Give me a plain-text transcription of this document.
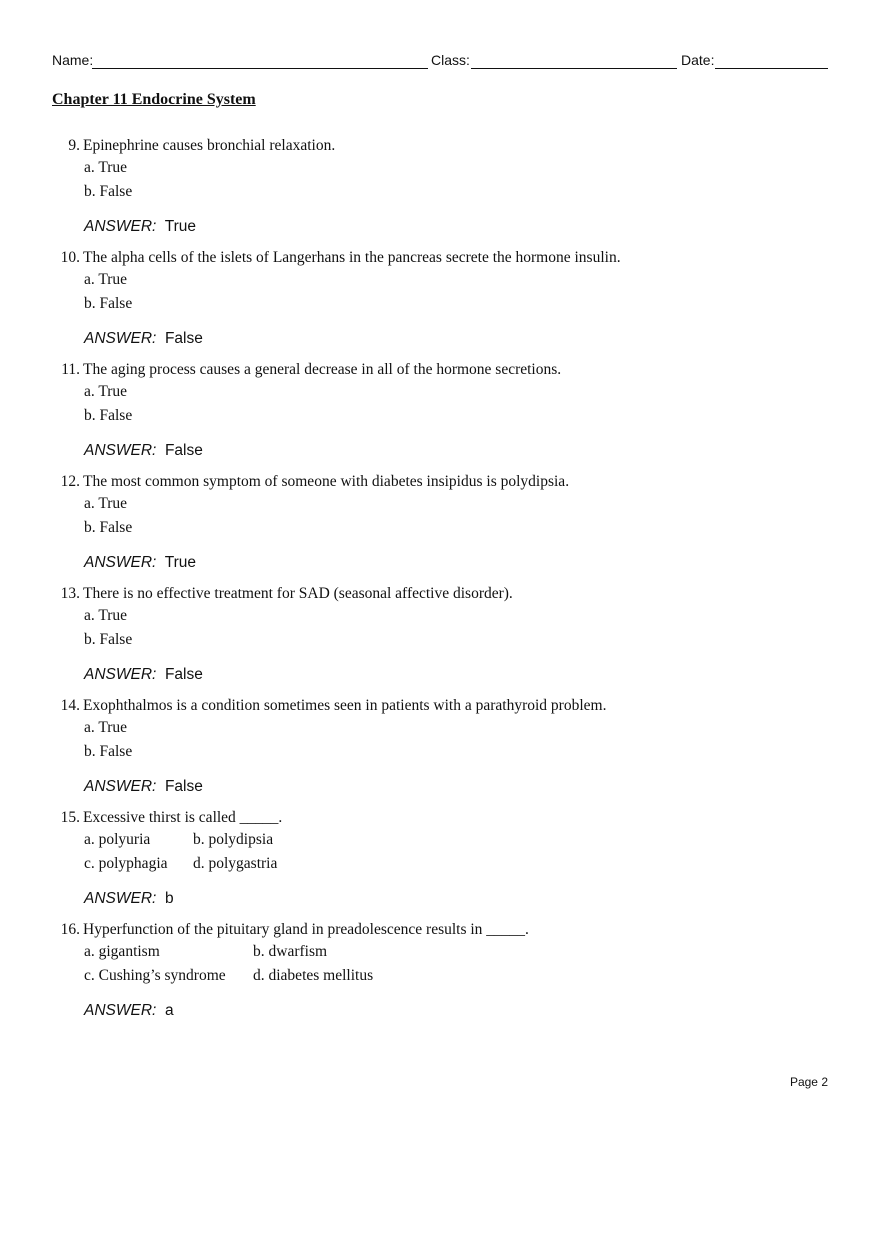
Name:	Class:	Date:
Chapter 11 Endocrine System
9. Epinephrine causes bronchial relaxation.
a. True
b. False
ANSWER: True
10. The alpha cells of the islets of Langerhans in the pancreas secrete the hormone insulin.
a. True
b. False
ANSWER: False
11. The aging process causes a general decrease in all of the hormone secretions.
a. True
b. False
ANSWER: False
12. The most common symptom of someone with diabetes insipidus is polydipsia.
a. True
b. False
ANSWER: True
13. There is no effective treatment for SAD (seasonal affective disorder).
a. True
b. False
ANSWER: False
14. Exophthalmos is a condition sometimes seen in patients with a parathyroid problem.
a. True
b. False
ANSWER: False
15. Excessive thirst is called _____.
a. polyuria	b. polydipsia
c. polyphagia d. polygastria
ANSWER: b
16. Hyperfunction of the pituitary gland in preadolescence results in _____.
a. gigantism	b. dwarfism
c. Cushing’s syndrome d. diabetes mellitus
ANSWER: a
Page 2
